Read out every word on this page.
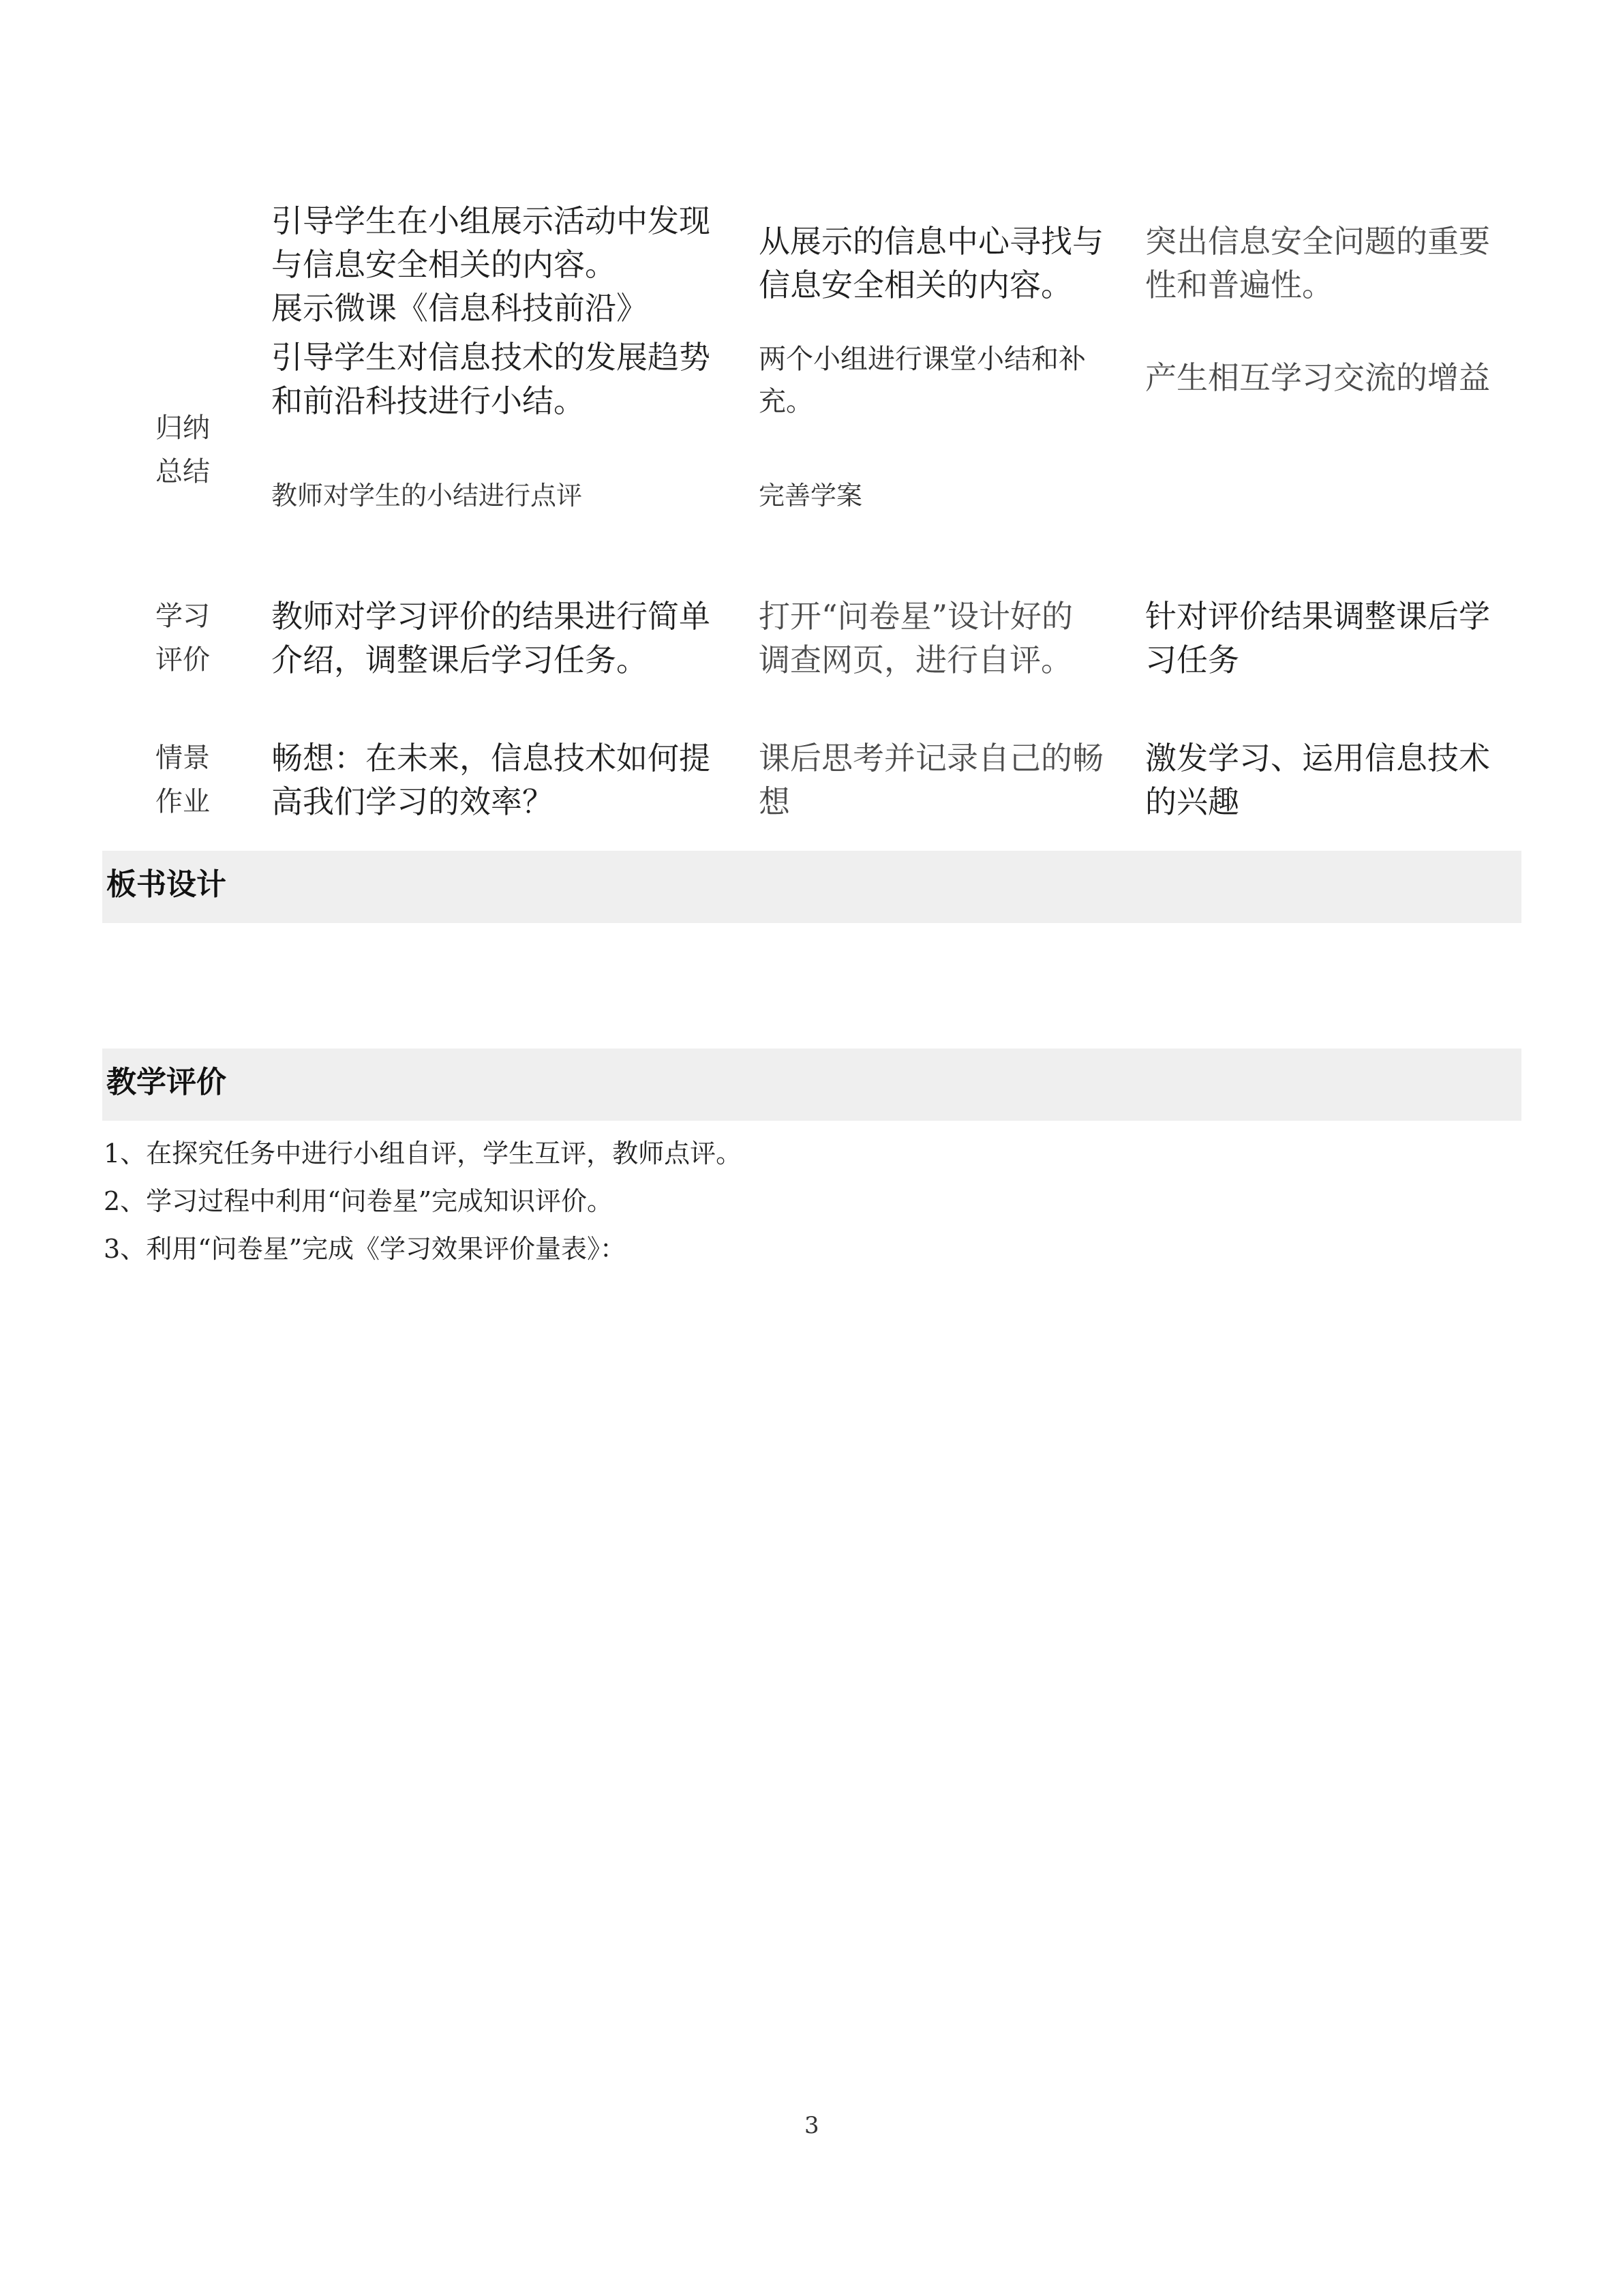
归纳
总结
引导学生在小组展示活动中发现
与信息安全相关的内容。
展示微课《信息科技前沿》
从展示的信息中心寻找与
信息安全相关的内容。
突出信息安全问题的重要
性和普遍性。
引导学生对信息技术的发展趋势
和前沿科技进行小结。
两个小组进行课堂小结和补
充。
产生相互学习交流的增益
教师对学生的小结进行点评	完善学案
学习
评价
教师对学习评价的结果进行简单
介绍，调整课后学习任务。
打开“问卷星”设计好的
调查网页，进行自评。
针对评价结果调整课后学
习任务
情景
作业
畅想：在未来，信息技术如何提
高我们学习的效率？
课后思考并记录自己的畅
想
激发学习、运用信息技术
的兴趣
板书设计
教学评价
1、在探究任务中进行小组自评，学生互评，教师点评。
2、学习过程中利用“问卷星”完成知识评价。
3、利用“问卷星”完成《学习效果评价量表》：
3
